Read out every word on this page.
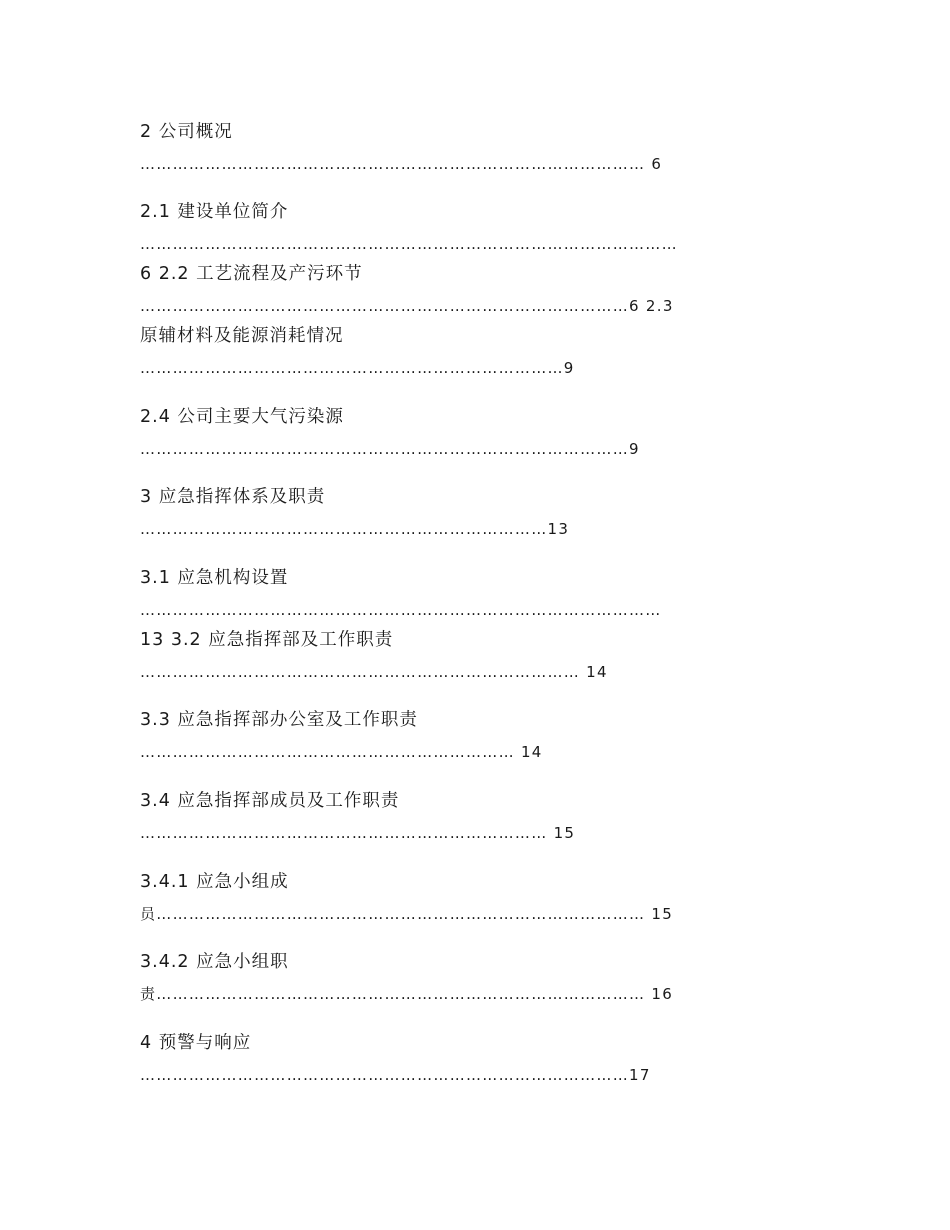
2 公司概况
………………………………………………………………………………… 6
2.1 建设单位简介
………………………………………………………………………………………
6 2.2 工艺流程及产污环节
………………………………………………………………………………6 2.3
原辅材料及能源消耗情况
……………………………………………………………………9
2.4 公司主要大气污染源
………………………………………………………………………………9
3 应急指挥体系及职责
…………………………………………………………………13
3.1 应急机构设置
……………………………………………………………………………………
13 3.2 应急指挥部及工作职责
……………………………………………………………………… 14
3.3 应急指挥部办公室及工作职责
…………………………………………………………… 14
3.4 应急指挥部成员及工作职责
………………………………………………………………… 15
3.4.1 应急小组成
员……………………………………………………………………………… 15
3.4.2 应急小组职
责……………………………………………………………………………… 16
4 预警与响应
………………………………………………………………………………17
